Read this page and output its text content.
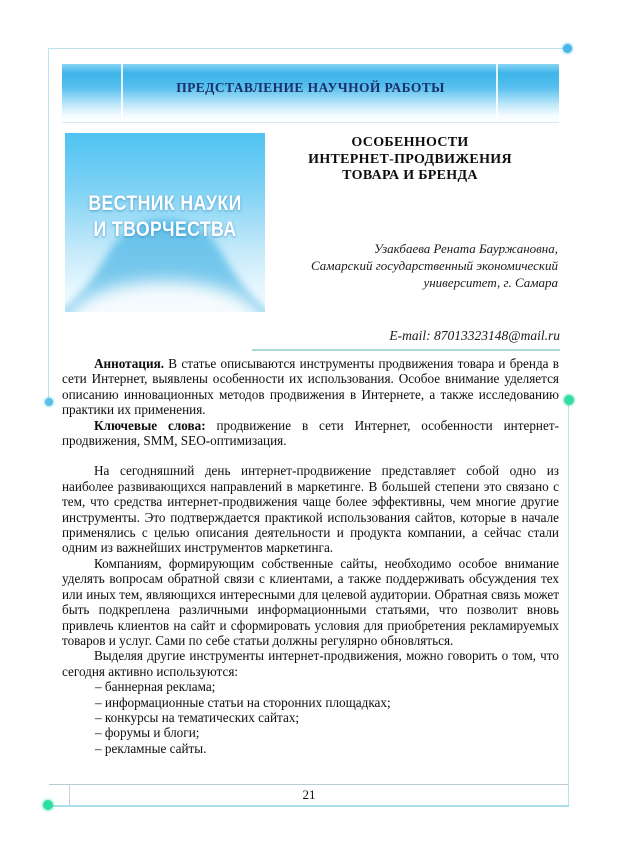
ПРЕДСТАВЛЕНИЕ НАУЧНОЙ РАБОТЫ
ВЕСТНИК НАУКИ
И ТВОРЧЕСТВА
ОСОБЕННОСТИ
ИНТЕРНЕТ-ПРОДВИЖЕНИЯ
ТОВАРА И БРЕНДА
Узакбаева Рената Бауржановна,
Самарский государственный экономический
университет, г. Самара
E-mail: 87013323148@mail.ru

Аннотация. В статье описываются инструменты продвижения товара и бренда в сети Интернет, выявлены особенности их использования. Особое внимание уделяется описанию инновационных методов продвижения в Интернете, а также исследованию практики их применения.

Ключевые слова: продвижение в сети Интернет, особенности интернет-продвижения, SMM, SEO-оптимизация.

На сегодняшний день интернет-продвижение представляет собой одно из наиболее развивающихся направлений в маркетинге. В большей степени это связано с тем, что средства интернет-продвижения чаще более эффективны, чем многие другие инструменты. Это подтверждается практикой использования сайтов, которые в начале применялись с целью описания деятельности и продукта компании, а сейчас стали одним из важнейших инструментов маркетинга.

Компаниям, формирующим собственные сайты, необходимо особое внимание уделять вопросам обратной связи с клиентами, а также поддерживать обсуждения тех или иных тем, являющихся интересными для целевой аудитории. Обратная связь может быть подкреплена различными информационными статьями, что позволит вновь привлечь клиентов на сайт и сформировать условия для приобретения рекламируемых товаров и услуг. Сами по себе статьи должны регулярно обновляться.

Выделяя другие инструменты интернет-продвижения, можно говорить о том, что сегодня активно используются:

– баннерная реклама;
– информационные статьи на сторонних площадках;
– конкурсы на тематических сайтах;
– форумы и блоги;
– рекламные сайты.
21
